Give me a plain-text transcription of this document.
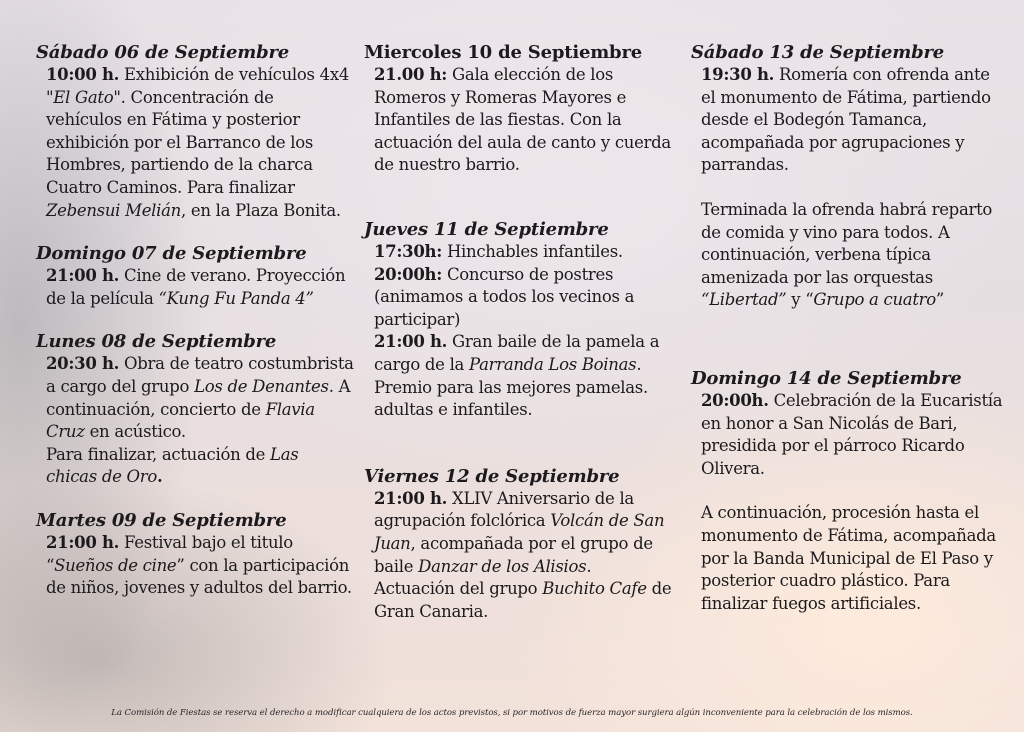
Sábado 06 de Septiembre

10:00 h. Exhibición de vehículos 4x4 "El Gato". Concentración de vehículos en Fátima y posterior exhibición por el Barranco de los Hombres, partiendo de la charca Cuatro Caminos. Para finalizar Zebensui Melián, en la Plaza Bonita.

Domingo 07 de Septiembre

21:00 h. Cine de verano. Proyección de la película “Kung Fu Panda 4”

Lunes 08 de Septiembre

20:30 h. Obra de teatro costumbrista a cargo del grupo Los de Denantes. A continuación, concierto de Flavia Cruz en acústico.

Para finalizar, actuación de Las chicas de Oro.

Martes 09 de Septiembre

21:00 h. Festival bajo el titulo “Sueños de cine” con la participación de niños, jovenes y adultos del barrio.

Miercoles 10 de Septiembre

21.00 h: Gala elección de los Romeros y Romeras Mayores e Infantiles de las fiestas. Con la actuación del aula de canto y cuerda de nuestro barrio.

Jueves 11 de Septiembre

17:30h: Hinchables infantiles.

20:00h: Concurso de postres (animamos a todos los vecinos a participar)

21:00 h. Gran baile de la pamela a cargo de la Parranda Los Boinas. Premio para las mejores pamelas. adultas e infantiles.

Viernes 12 de Septiembre

21:00 h. XLIV Aniversario de la agrupación folclórica Volcán de San Juan, acompañada por el grupo de baile Danzar de los Alisios.

Actuación del grupo Buchito Cafe de Gran Canaria.

Sábado 13 de Septiembre

19:30 h. Romería con ofrenda ante el monumento de Fátima, partiendo desde el Bodegón Tamanca, acompañada por agrupaciones y parrandas.

Terminada la ofrenda habrá reparto de comida y vino para todos. A continuación, verbena típica amenizada por las orquestas “Libertad” y “Grupo a cuatro”

Domingo 14 de Septiembre

20:00h. Celebración de la Eucaristía en honor a San Nicolás de Bari, presidida por el párroco Ricardo Olivera.

A continuación, procesión hasta el monumento de Fátima, acompañada por la Banda Municipal de El Paso y posterior cuadro plástico. Para finalizar fuegos artificiales.

La Comisión de Fiestas se reserva el derecho a modificar cualquiera de los actos previstos, si por motivos de fuerza mayor surgiera algún inconveniente para la celebración de los mismos.
